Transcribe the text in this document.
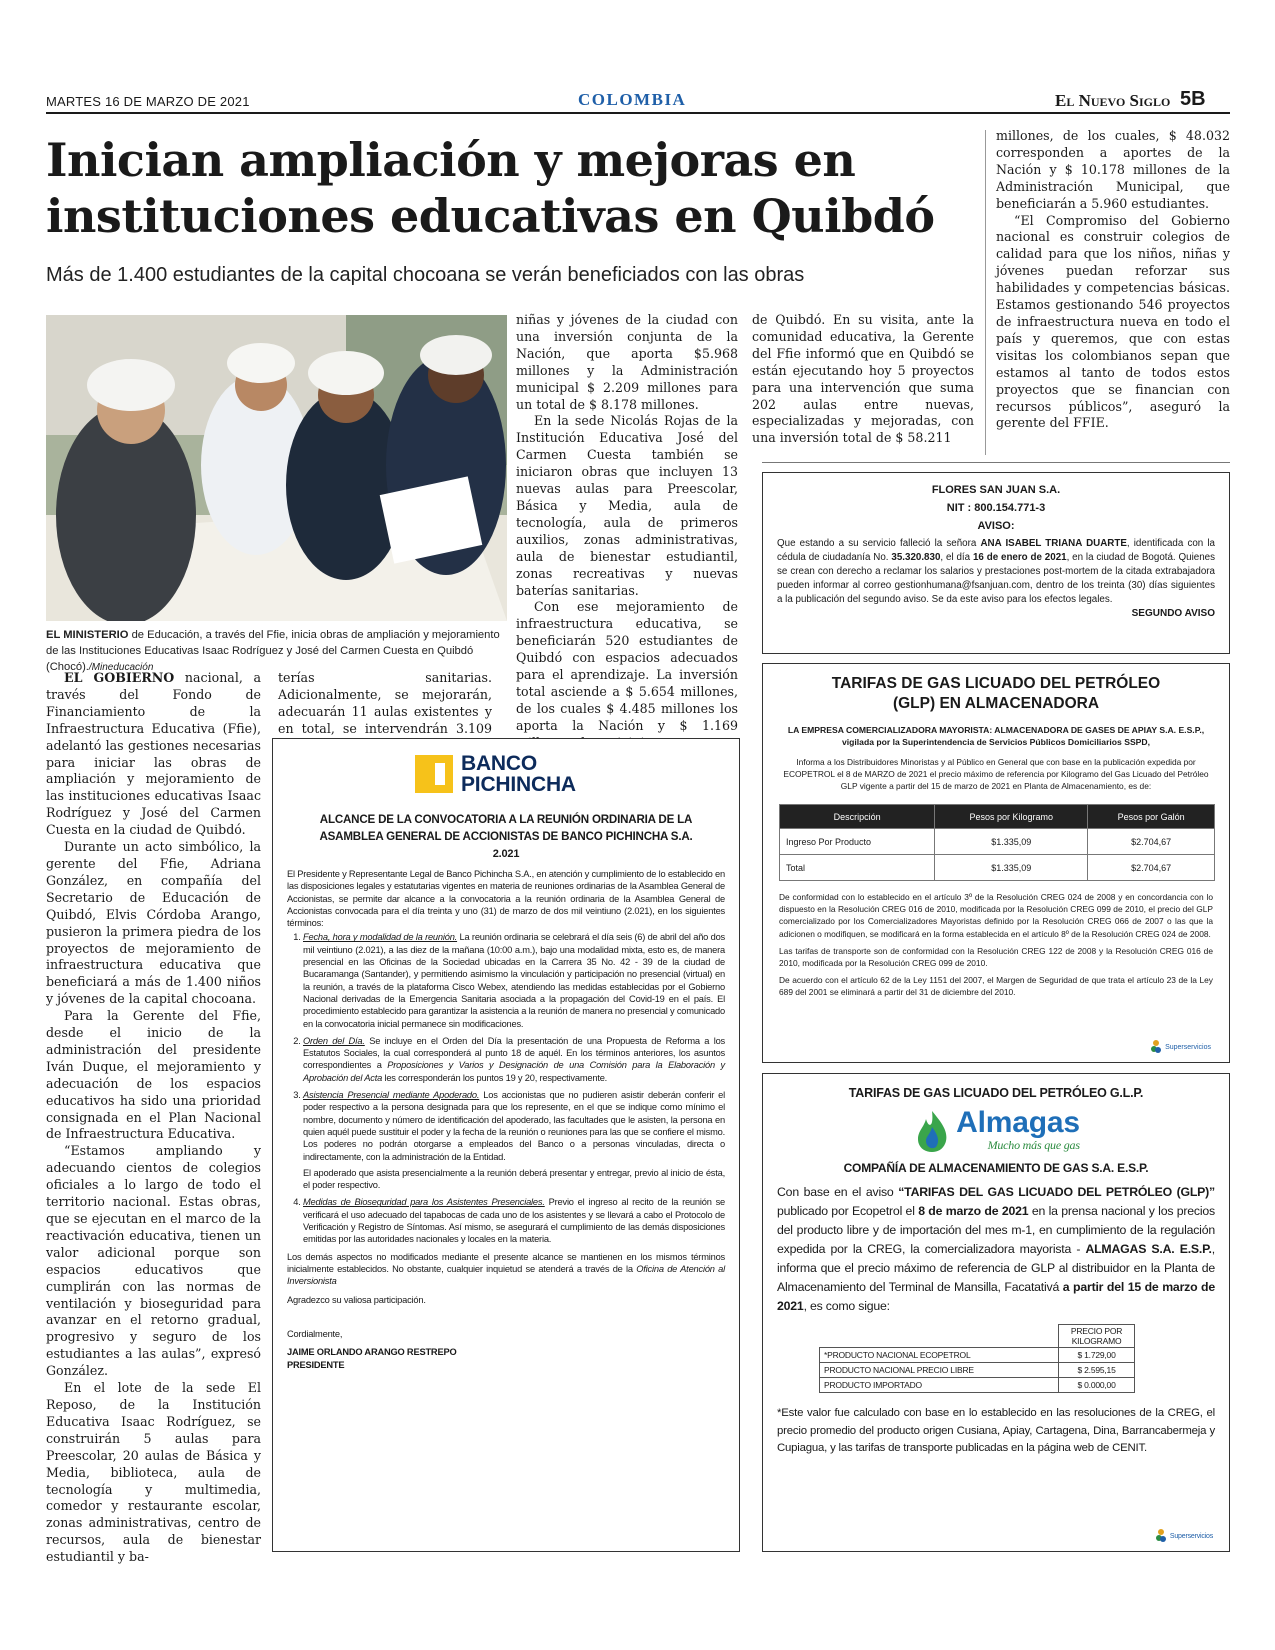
MARTES 16 DE MARZO DE 2021	COLOMBIA	El Nuevo Siglo 5B
Inician ampliación y mejoras en
instituciones educativas en Quibdó
Más de 1.400 estudiantes de la capital chocoana se verán beneficiados con las obras
EL MINISTERIO de Educación, a través del Ffie, inicia obras de ampliación y mejoramiento de las Instituciones Educativas Isaac Rodríguez y José del Carmen Cuesta en Quibdó (Chocó)./Mineducación

EL GOBIERNO nacional, a través del Fondo de Financiamiento de la Infraestructura Educativa (Ffie), adelantó las gestiones necesarias para iniciar las obras de ampliación y mejoramiento de las instituciones educativas Isaac Rodríguez y José del Carmen Cuesta en la ciudad de Quibdó.

Durante un acto simbólico, la gerente del Ffie, Adriana González, en compañía del Secretario de Educación de Quibdó, Elvis Córdoba Arango, pusieron la primera piedra de los proyectos de mejoramiento de infraestructura educativa que beneficiará a más de 1.400 niños y jóvenes de la capital chocoana.

Para la Gerente del Ffie, desde el inicio de la administración del presidente Iván Duque, el mejoramiento y adecuación de los espacios educativos ha sido una prioridad consignada en el Plan Nacional de Infraestructura Educativa.

“Estamos ampliando y adecuando cientos de colegios oficiales a lo largo de todo el territorio nacional. Estas obras, que se ejecutan en el marco de la reactivación educativa, tienen un valor adicional porque son espacios educativos que cumplirán con las normas de ventilación y bioseguridad para avanzar en el retorno gradual, progresivo y seguro de los estudiantes a las aulas”, expresó González.

En el lote de la sede El Reposo, de la Institución Educativa Isaac Rodríguez, se construirán 5 aulas para Preescolar, 20 aulas de Básica y Media, biblioteca, aula de tecnología y multimedia, comedor y restaurante escolar, zonas administrativas, centro de recursos, aula de bienestar estudiantil y ba-

terías sanitarias. Adicionalmente, se mejorarán, adecuarán 11 aulas existentes y en total, se intervendrán 3.109

niñas y jóvenes de la ciudad con una inversión conjunta de la Nación, que aporta $5.968 millones y la Administración municipal $ 2.209 millones para un total de $ 8.178 millones.

En la sede Nicolás Rojas de la Institución Educativa José del Carmen Cuesta también se iniciaron obras que incluyen 13 nuevas aulas para Preescolar, Básica y Media, aula de tecnología, aula de primeros auxilios, zonas administrativas, aula de bienestar estudiantil, zonas recreativas y nuevas baterías sanitarias.

Con ese mejoramiento de infraestructura educativa, se beneficiarán 520 estudiantes de Quibdó con espacios adecuados para el aprendizaje. La inversión total asciende a $ 5.654 millones, de los cuales $ 4.485 millones los aporta la Nación y $ 1.169

de Quibdó. En su visita, ante la comunidad educativa, la Gerente del Ffie informó que en Quibdó se están ejecutando hoy 5 proyectos para una intervención que suma 202 aulas entre nuevas, especializadas y mejoradas, con una inversión total de $ 58.211

millones, de los cuales, $ 48.032 corresponden a aportes de la Nación y $ 10.178 millones de la Administración Municipal, que beneficiarán a 5.960 estudiantes.

“El Compromiso del Gobierno nacional es construir colegios de calidad para que los niños, niñas y jóvenes puedan reforzar sus habilidades y competencias básicas. Estamos gestionando 546 proyectos de infraestructura nueva en todo el país y queremos, que con estas visitas los colombianos sepan que estamos al tanto de todos estos proyectos que se financian con recursos públicos”, aseguró la gerente del FFIE.

FLORES SAN JUAN S.A.
NIT : 800.154.771-3
AVISO:
Que estando a su servicio falleció la señora ANA ISABEL TRIANA DUARTE, identificada con la cédula de ciudadanía No. 35.320.830, el día 16 de enero de 2021, en la ciudad de Bogotá. Quienes se crean con derecho a reclamar los salarios y prestaciones post-mortem de la citada extrabajadora pueden informar al correo gestionhumana@fsanjuan.com, dentro de los treinta (30) días siguientes a la publicación del segundo aviso. Se da este aviso para los efectos legales.
SEGUNDO AVISO
TARIFAS DE GAS LICUADO DEL PETRÓLEO
(GLP) EN ALMACENADORA
LA EMPRESA COMERCIALIZADORA MAYORISTA: ALMACENADORA DE GASES DE APIAY S.A. E.S.P., vigilada por la Superintendencia de Servicios Públicos Domiciliarios SSPD,
Informa a los Distribuidores Minoristas y al Público en General que con base en la publicación expedida por ECOPETROL el 8 de MARZO de 2021 el precio máximo de referencia por Kilogramo del Gas Licuado del Petróleo GLP vigente a partir del 15 de marzo de 2021 en Planta de Almacenamiento, es de:
Descripción	Pesos por Kilogramo	Pesos por Galón
Ingreso Por Producto	$1.335,09	$2.704,67
Total	$1.335,09	$2.704,67

De conformidad con lo establecido en el artículo 3º de la Resolución CREG 024 de 2008 y en concordancia con lo dispuesto en la Resolución CREG 016 de 2010, modificada por la Resolución CREG 099 de 2010, el precio del GLP comercializado por los Comercializadores Mayoristas definido por la Resolución CREG 066 de 2007 o las que la adicionen o modifiquen, se modificará en la forma establecida en el artículo 8º de la Resolución CREG 024 de 2008.

Las tarifas de transporte son de conformidad con la Resolución CREG 122 de 2008 y la Resolución CREG 016 de 2010, modificada por la Resolución CREG 099 de 2010.

De acuerdo con el artículo 62 de la Ley 1151 del 2007, el Margen de Seguridad de que trata el artículo 23 de la Ley 689 del 2001 se eliminará a partir del 31 de diciembre del 2010.

Superservicios
BANCO
PICHINCHA
ALCANCE DE LA CONVOCATORIA A LA REUNIÓN ORDINARIA DE LA ASAMBLEA GENERAL DE ACCIONISTAS DE BANCO PICHINCHA S.A.
2.021

El Presidente y Representante Legal de Banco Pichincha S.A., en atención y cumplimiento de lo establecido en las disposiciones legales y estatutarias vigentes en materia de reuniones ordinarias de la Asamblea General de Accionistas, se permite dar alcance a la convocatoria a la reunión ordinaria de la Asamblea General de Accionistas convocada para el día treinta y uno (31) de marzo de dos mil veintiuno (2.021), en los siguientes términos:

1. Fecha, hora y modalidad de la reunión. La reunión ordinaria se celebrará el día seis (6) de abril del año dos mil veintiuno (2.021), a las diez de la mañana (10:00 a.m.), bajo una modalidad mixta, esto es, de manera presencial en las Oficinas de la Sociedad ubicadas en la Carrera 35 No. 42 - 39 de la ciudad de Bucaramanga (Santander), y permitiendo asimismo la vinculación y participación no presencial (virtual) en la reunión, a través de la plataforma Cisco Webex, atendiendo las medidas establecidas por el Gobierno Nacional derivadas de la Emergencia Sanitaria asociada a la propagación del Covid-19 en el país. El procedimiento establecido para garantizar la asistencia a la reunión de manera no presencial y comunicado en la convocatoria inicial permanece sin modificaciones.
2. Orden del Día. Se incluye en el Orden del Día la presentación de una Propuesta de Reforma a los Estatutos Sociales, la cual corresponderá al punto 18 de aquél. En los términos anteriores, los asuntos correspondientes a Proposiciones y Varios y Designación de una Comisión para la Elaboración y Aprobación del Acta les corresponderán los puntos 19 y 20, respectivamente.
3. Asistencia Presencial mediante Apoderado. Los accionistas que no pudieren asistir deberán conferir el poder respectivo a la persona designada para que los represente, en el que se indique como mínimo el nombre, documento y número de identificación del apoderado, las facultades que le asisten, la persona en quien aquél puede sustituir el poder y la fecha de la reunión o reuniones para las que se confiere el mismo. Los poderes no podrán otorgarse a empleados del Banco o a personas vinculadas, directa o indirectamente, con la administración de la Entidad.

El apoderado que asista presencialmente a la reunión deberá presentar y entregar, previo al inicio de ésta, el poder respectivo.

4. Medidas de Bioseguridad para los Asistentes Presenciales. Previo el ingreso al recito de la reunión se verificará el uso adecuado del tapabocas de cada uno de los asistentes y se llevará a cabo el Protocolo de Verificación y Registro de Síntomas. Así mismo, se asegurará el cumplimiento de las demás disposiciones emitidas por las autoridades nacionales y locales en la materia.

Los demás aspectos no modificados mediante el presente alcance se mantienen en los mismos términos inicialmente establecidos. No obstante, cualquier inquietud se atenderá a través de la Oficina de Atención al Inversionista

Agradezco su valiosa participación.

Cordialmente,

JAIME ORLANDO ARANGO RESTREPO

PRESIDENTE

TARIFAS DE GAS LICUADO DEL PETRÓLEO G.L.P.
Almagas
Mucho más que gas
COMPAÑÍA DE ALMACENAMIENTO DE GAS S.A. E.S.P.
Con base en el aviso “TARIFAS DEL GAS LICUADO DEL PETRÓLEO (GLP)” publicado por Ecopetrol el 8 de marzo de 2021 en la prensa nacional y los precios del producto libre y de importación del mes m-1, en cumplimiento de la regulación expedida por la CREG, la comercializadora mayorista - ALMAGAS S.A. E.S.P., informa que el precio máximo de referencia de GLP al distribuidor en la Planta de Almacenamiento del Terminal de Mansilla, Facatativá a partir del 15 de marzo de 2021, es como sigue:
	PRECIO POR KILOGRAMO
*PRODUCTO NACIONAL ECOPETROL	$ 1.729,00
PRODUCTO NACIONAL PRECIO LIBRE	$ 2.595,15
PRODUCTO IMPORTADO	$ 0.000,00
*Este valor fue calculado con base en lo establecido en las resoluciones de la CREG, el precio promedio del producto origen Cusiana, Apiay, Cartagena, Dina, Barrancabermeja y Cupiagua, y las tarifas de transporte publicadas en la página web de CENIT.
Superservicios
